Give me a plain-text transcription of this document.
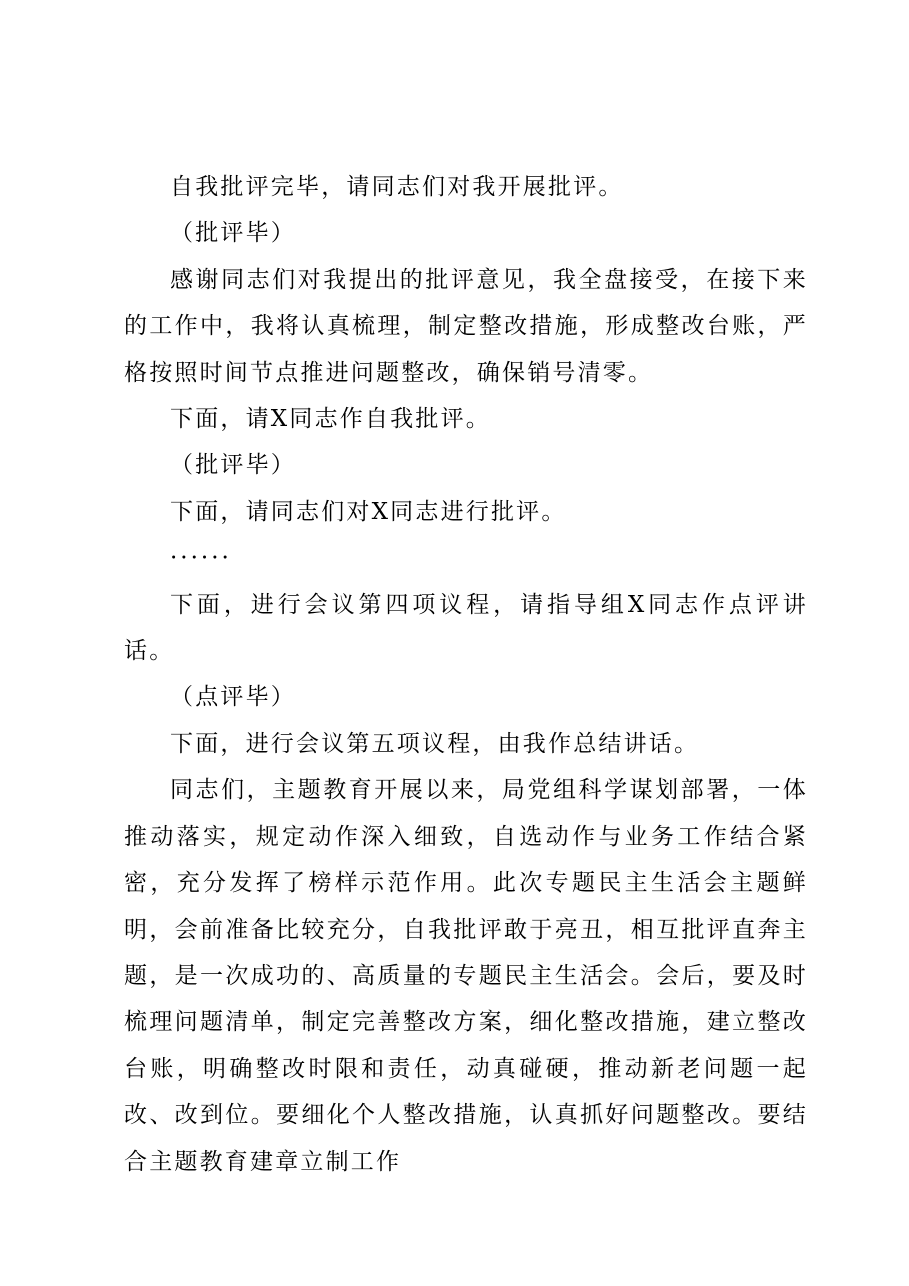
自我批评完毕，请同志们对我开展批评。

（批评毕）

感谢同志们对我提出的批评意见，我全盘接受，在接下来的工作中，我将认真梳理，制定整改措施，形成整改台账，严格按照时间节点推进问题整改，确保销号清零。

下面，请X同志作自我批评。

（批评毕）

下面，请同志们对X同志进行批评。

······

下面，进行会议第四项议程，请指导组X同志作点评讲话。

（点评毕）

下面，进行会议第五项议程，由我作总结讲话。

同志们，主题教育开展以来，局党组科学谋划部署，一体推动落实，规定动作深入细致，自选动作与业务工作结合紧密，充分发挥了榜样示范作用。此次专题民主生活会主题鲜明，会前准备比较充分，自我批评敢于亮丑，相互批评直奔主题，是一次成功的、高质量的专题民主生活会。会后，要及时梳理问题清单，制定完善整改方案，细化整改措施，建立整改台账，明确整改时限和责任，动真碰硬，推动新老问题一起改、改到位。要细化个人整改措施，认真抓好问题整改。要结合主题教育建章立制工作
